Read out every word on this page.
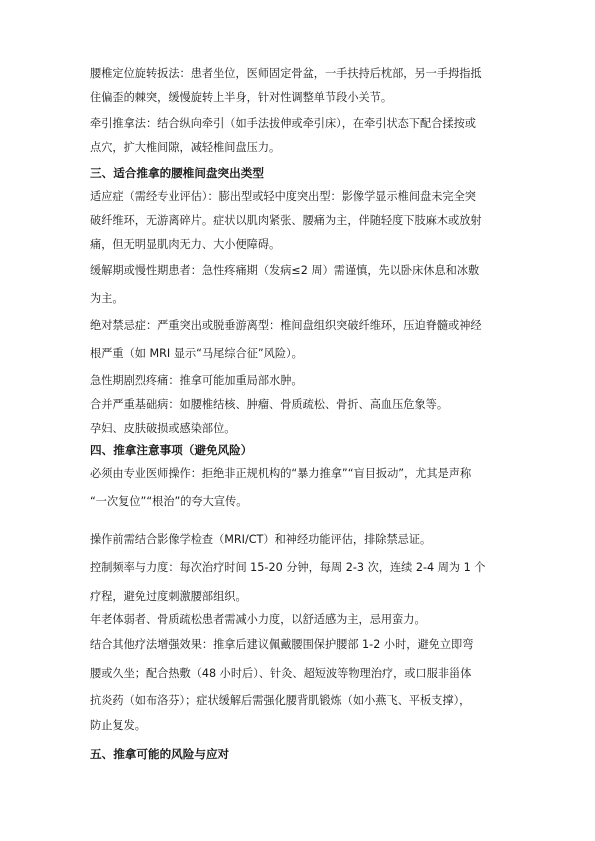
腰椎定位旋转扳法：患者坐位，医师固定骨盆，一手扶持后枕部，另一手拇指抵
住偏歪的棘突，缓慢旋转上半身，针对性调整单节段小关节。
牵引推拿法：结合纵向牵引（如手法拔伸或牵引床），在牵引状态下配合揉按或
点穴，扩大椎间隙，减轻椎间盘压力。
三、适合推拿的腰椎间盘突出类型
适应症（需经专业评估）：膨出型或轻中度突出型：影像学显示椎间盘未完全突
破纤维环，无游离碎片。症状以肌肉紧张、腰痛为主，伴随轻度下肢麻木或放射
痛，但无明显肌肉无力、大小便障碍。
缓解期或慢性期患者：急性疼痛期（发病≤2 周）需谨慎，先以卧床休息和冰敷
为主。
绝对禁忌症：严重突出或脱垂游离型：椎间盘组织突破纤维环，压迫脊髓或神经
根严重（如 MRI 显示“马尾综合征”风险）。
急性期剧烈疼痛：推拿可能加重局部水肿。
合并严重基础病：如腰椎结核、肿瘤、骨质疏松、骨折、高血压危象等。
孕妇、皮肤破损或感染部位。
四、推拿注意事项（避免风险）
必须由专业医师操作：拒绝非正规机构的“暴力推拿”“盲目扳动”，尤其是声称
“一次复位”“根治”的夸大宣传。
操作前需结合影像学检查（MRI/CT）和神经功能评估，排除禁忌证。
控制频率与力度：每次治疗时间 15-20 分钟，每周 2-3 次，连续 2-4 周为 1 个
疗程，避免过度刺激腰部组织。
年老体弱者、骨质疏松患者需减小力度，以舒适感为主，忌用蛮力。
结合其他疗法增强效果：推拿后建议佩戴腰围保护腰部 1-2 小时，避免立即弯
腰或久坐；配合热敷（48 小时后）、针灸、超短波等物理治疗，或口服非甾体
抗炎药（如布洛芬）；症状缓解后需强化腰背肌锻炼（如小燕飞、平板支撑），
防止复发。
五、推拿可能的风险与应对
